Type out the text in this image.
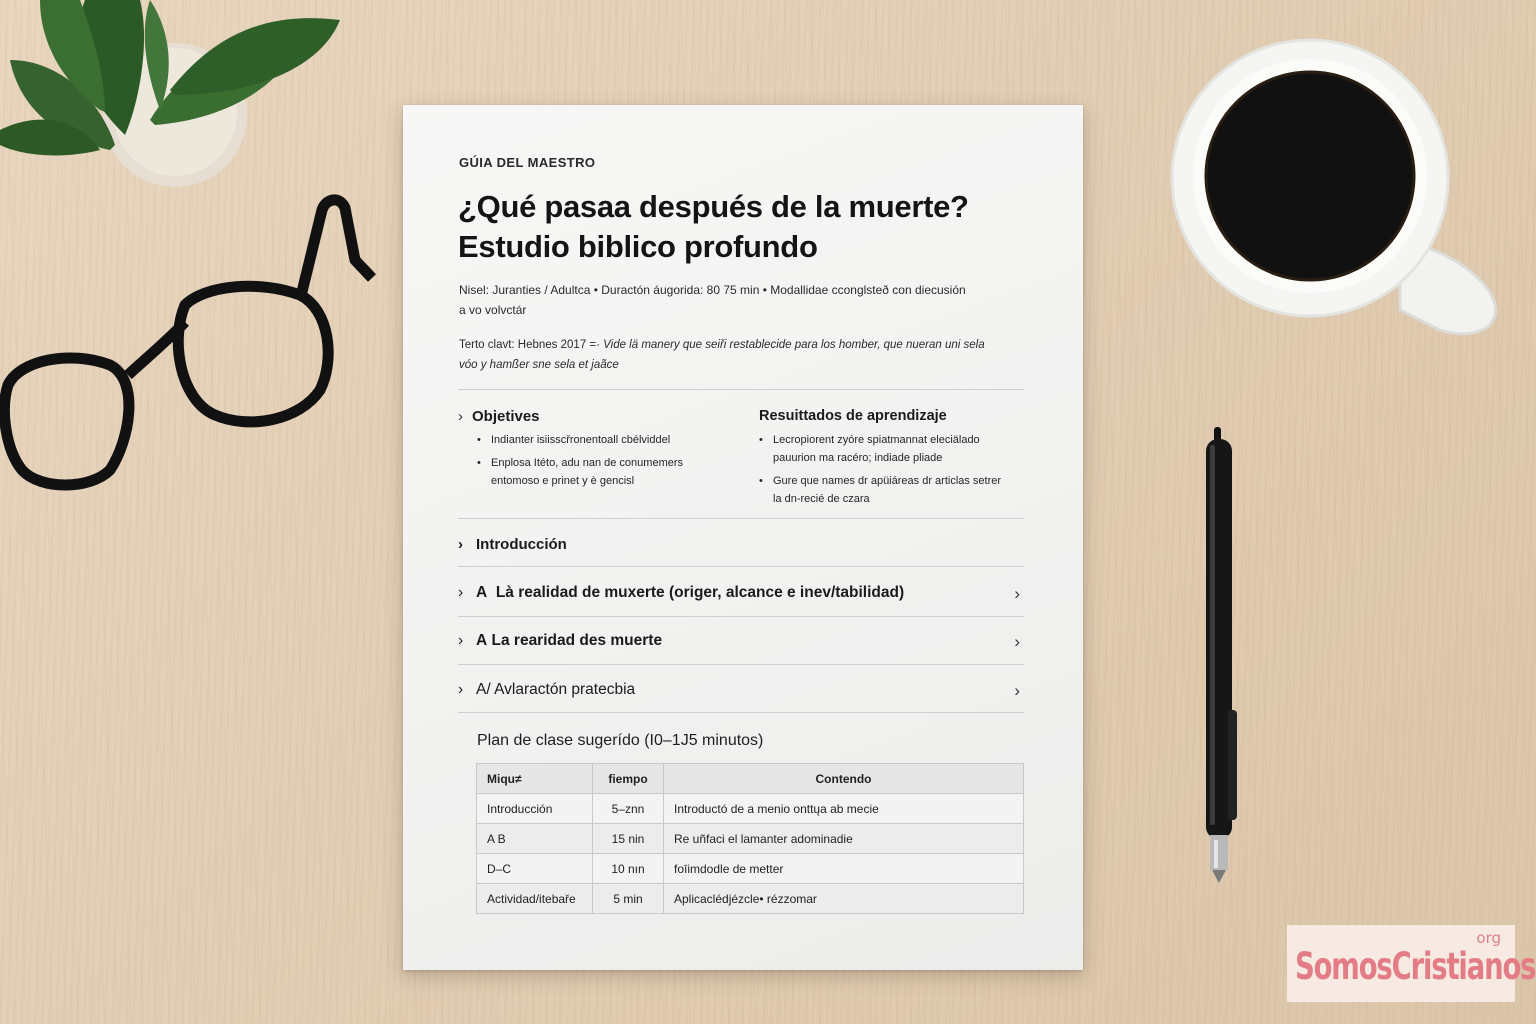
GÚIA DEL MAESTRO
¿Qué pasaa después de la muerte?
Estudio biblico profundo
Nisel: Juranties / Adultca • Duractón áugorida: 80 75 min • Modallidae cconglsteð con diecusión
a vo volvctár
Terto clavt: Hebnes 2017 =· Vide lä manery que seiři restablecide para los homber, que nueran uni sela
vóo y hamßer sne sela et jaãce
› Objetives
• Indianter isiisscřronentoall cbélviddel
• Enplosa Itéto, adu nan de conumemers entomoso e prinet y è gencisl
Resuittados de aprendizaje
• Lecropiorent zyóre spiatmannat eleciälado pauurion ma racéro; indiade pliade
• Gure que names dr apüiáreas dr articlas setrer la dn-recié de czara
› Introducción
› A Là realidad de muxerte (origer, alcance e inev/tabilidad)	›
› A La rearidad des muerte	›
› A/ Avlaractón pratecbia	›
Plan de clase sugerído (I0–1J5 minutos)
Miqu≠	fiempo	Contendo
Introducción	5–znn	Introductó de a menio onttųa ab mecie
A B	15 nin	Re uñfaci el lamanter adominadie
D–C	10 nın	foīimdodle de metter
Actividad/itebaře	5 min	Aplicaclédjézcle• rézzomar
org
SomosCristianos
